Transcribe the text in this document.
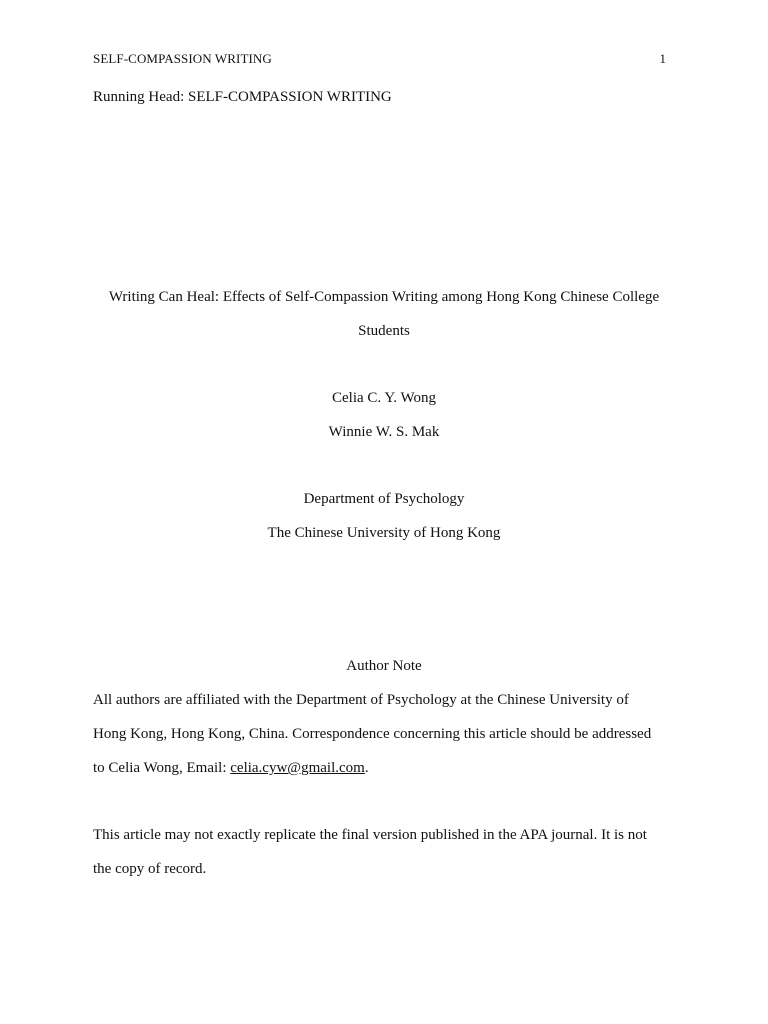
SELF-COMPASSION WRITING	1
Running Head: SELF-COMPASSION WRITING
Writing Can Heal: Effects of Self-Compassion Writing among Hong Kong Chinese College
Students
Celia C. Y. Wong
Winnie W. S. Mak
Department of Psychology
The Chinese University of Hong Kong
Author Note
All authors are affiliated with the Department of Psychology at the Chinese University of
Hong Kong, Hong Kong, China. Correspondence concerning this article should be addressed
to Celia Wong, Email: celia.cyw@gmail.com.
This article may not exactly replicate the final version published in the APA journal. It is not
the copy of record.
